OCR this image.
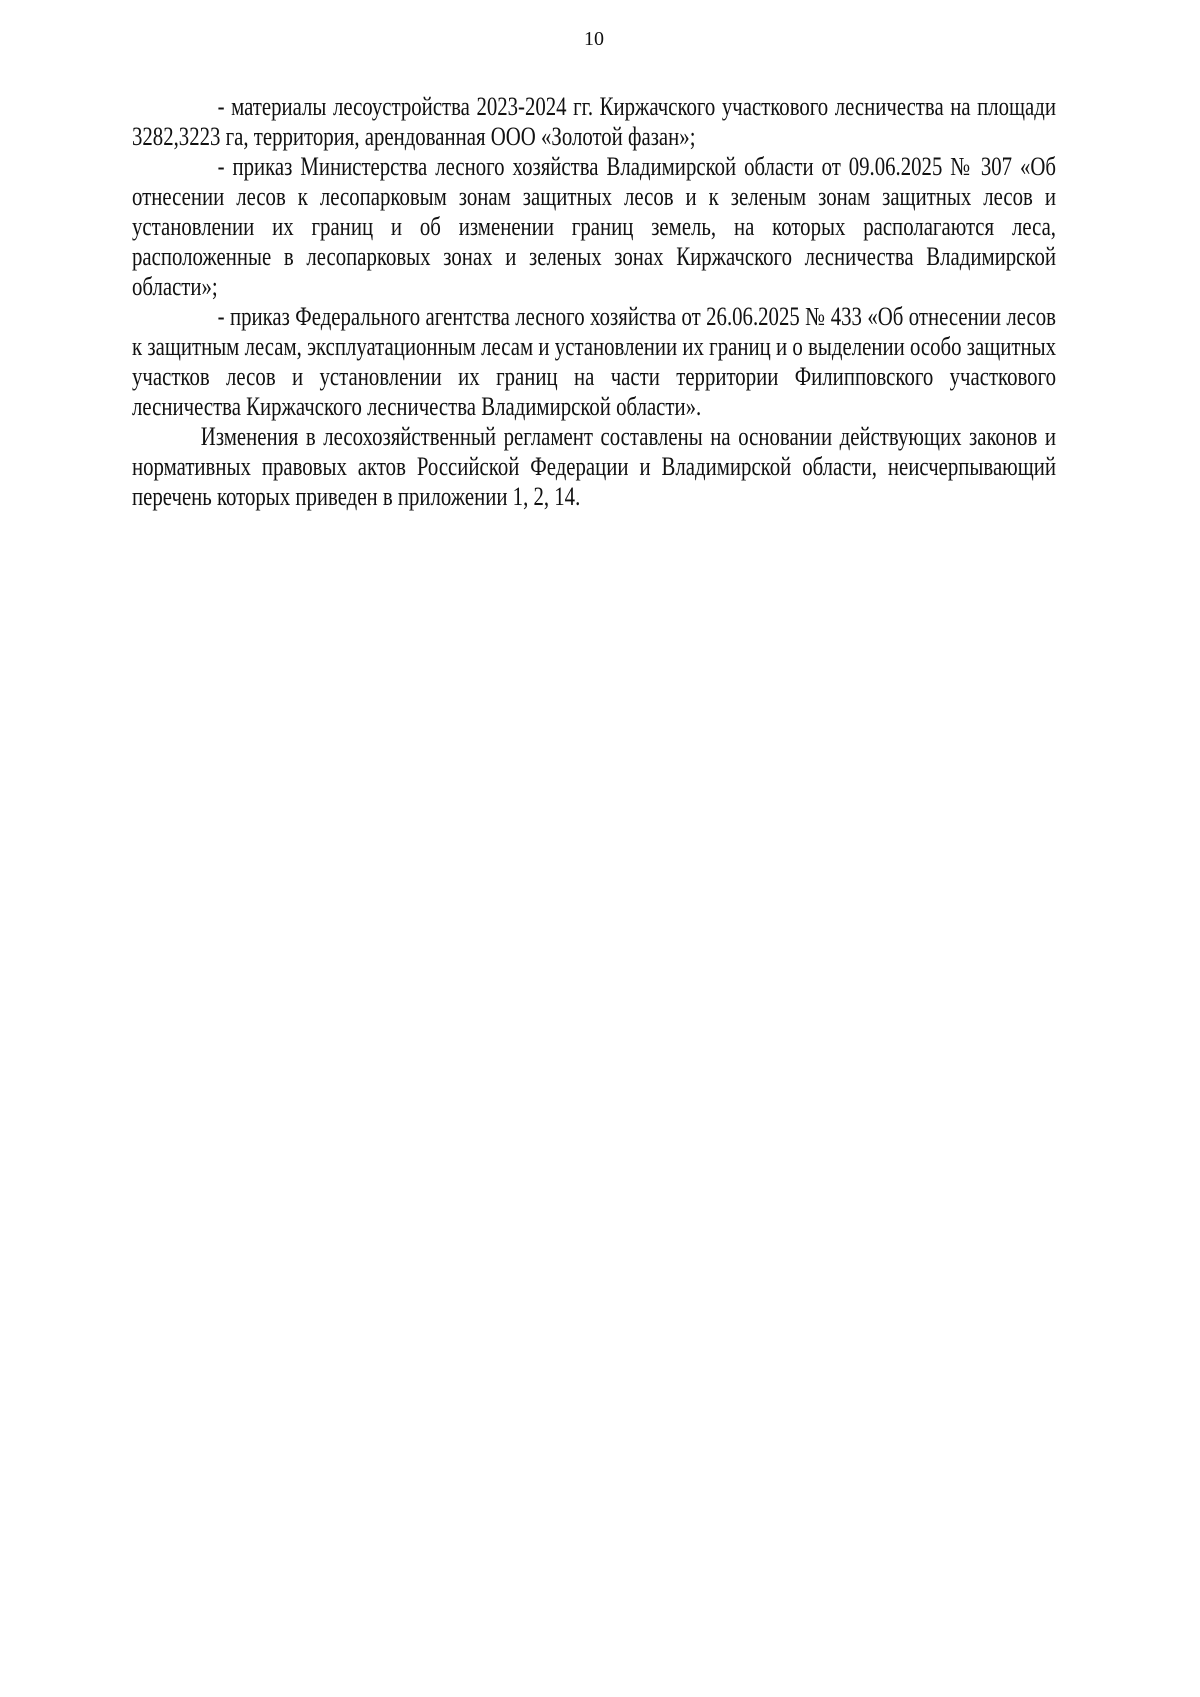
10

- материалы лесоустройства 2023-2024 гг. Киржачского участкового лесничества на площади 3282,3223 га, территория, арендованная ООО «Золотой фазан»;

- приказ Министерства лесного хозяйства Владимирской области от 09.06.2025 № 307 «Об отнесении лесов к лесопарковым зонам защитных лесов и к зеленым зонам защитных лесов и установлении их границ и об изменении границ земель, на которых располагаются леса, расположенные в лесопарковых зонах и зеленых зонах Киржачского лесничества Владимирской области»;

- приказ Федерального агентства лесного хозяйства от 26.06.2025 № 433 «Об отнесении лесов к защитным лесам, эксплуатационным лесам и установлении их границ и о выделении особо защитных участков лесов и установлении их границ на части территории Филипповского участкового лесничества Киржачского лесничества Владимирской области».

Изменения в лесохозяйственный регламент составлены на основании действующих законов и нормативных правовых актов Российской Федерации и Владимирской области, неисчерпывающий перечень которых приведен в приложении 1, 2, 14.
